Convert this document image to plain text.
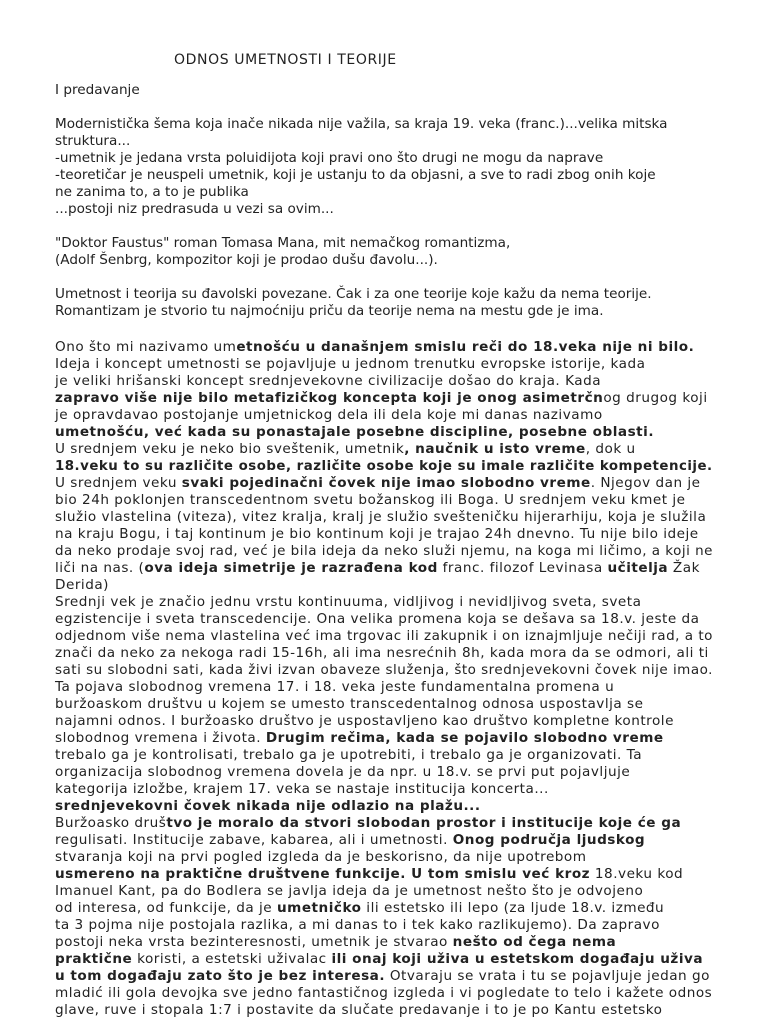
ODNOS UMETNOSTI I TEORIJE
I predavanje
Modernistička šema koja inače nikada nije važila, sa kraja 19. veka (franc.)...velika mitska
struktura...
-umetnik je jedana vrsta poluidijota koji pravi ono što drugi ne mogu da naprave
-teoretičar je neuspeli umetnik, koji je ustanju to da objasni, a sve to radi zbog onih koje
ne zanima to, a to je publika
...postoji niz predrasuda u vezi sa ovim...
"Doktor Faustus" roman Tomasa Mana, mit nemačkog romantizma,
(Adolf Šenbrg, kompozitor koji je prodao dušu đavolu...).
Umetnost i teorija su đavolski povezane. Čak i za one teorije koje kažu da nema teorije.
Romantizam je stvorio tu najmoćniju priču da teorije nema na mestu gde je ima.
Ono što mi nazivamo umetnošću u današnjem smislu reči do 18.veka nije ni bilo.
Ideja i koncept umetnosti se pojavljuje u jednom trenutku evropske istorije, kada
je veliki hrišanski koncept srednjevekovne civilizacije došao do kraja. Kada
zapravo više nije bilo metafizičkog koncepta koji je onog asimetrčnog drugog koji
je opravdavao postojanje umjetnickog dela ili dela koje mi danas nazivamo
umetnošću, već kada su ponastajale posebne discipline, posebne oblasti.
U srednjem veku je neko bio sveštenik, umetnik, naučnik u isto vreme, dok u
18.veku to su različite osobe, različite osobe koje su imale različite kompetencije.
U srednjem veku svaki pojedinačni čovek nije imao slobodno vreme. Njegov dan je
bio 24h poklonjen transcedentnom svetu božanskog ili Boga. U srednjem veku kmet je
služio vlastelina (viteza), vitez kralja, kralj je služio svešteničku hijerarhiju, koja je služila
na kraju Bogu, i taj kontinum je bio kontinum koji je trajao 24h dnevno. Tu nije bilo ideje
da neko prodaje svoj rad, već je bila ideja da neko služi njemu, na koga mi ličimo, a koji ne
liči na nas. (ova ideja simetrije je razrađena kod franc. filozof Levinasa učitelja Žak
Derida)
Srednji vek je značio jednu vrstu kontinuuma, vidljivog i nevidljivog sveta, sveta
egzistencije i sveta transcedencije. Ona velika promena koja se dešava sa 18.v. jeste da
odjednom više nema vlastelina već ima trgovac ili zakupnik i on iznajmljuje nečiji rad, a to
znači da neko za nekoga radi 15-16h, ali ima nesrećnih 8h, kada mora da se odmori, ali ti
sati su slobodni sati, kada živi izvan obaveze služenja, što srednjevekovni čovek nije imao.
Ta pojava slobodnog vremena 17. i 18. veka jeste fundamentalna promena u
buržoaskom društvu u kojem se umesto transcedentalnog odnosa uspostavlja se
najamni odnos. I buržoasko društvo je uspostavljeno kao društvo kompletne kontrole
slobodnog vremena i života. Drugim rečima, kada se pojavilo slobodno vreme
trebalo ga je kontrolisati, trebalo ga je upotrebiti, i trebalo ga je organizovati. Ta
organizacija slobodnog vremena dovela je da npr. u 18.v. se prvi put pojavljuje
kategorija izložbe, krajem 17. veka se nastaje institucija koncerta...
srednjevekovni čovek nikada nije odlazio na plažu...
Buržoasko društvo je moralo da stvori slobodan prostor i institucije koje će ga
regulisati. Institucije zabave, kabareа, ali i umetnosti. Onog područja ljudskog
stvaranja koji na prvi pogled izgleda da je beskorisno, da nije upotrebom
usmereno na praktične društvene funkcije. U tom smislu već kroz 18.veku kod
Imanuel Kant, pa do Bodlera se javlja ideja da je umetnost nešto što je odvojeno
od interesa, od funkcije, da je umetničko ili estetsko ili lepo (za ljude 18.v. između
ta 3 pojma nije postojala razlika, a mi danas to i tek kako razlikujemo). Da zapravo
postoji neka vrsta bezinteresnosti, umetnik je stvarao nešto od čega nema
praktične koristi, a estetski uživalac ili onaj koji uživa u estetskom događaju uživa
u tom događaju zato što je bez interesa. Otvaraju se vrata i tu se pojavljuje jedan go
mladić ili gola devojka sve jedno fantastičnog izgleda i vi pogledate to telo i kažete odnos
glave, ruve i stopala 1:7 i postavite da slučate predavanje i to je po Kantu estetsko
